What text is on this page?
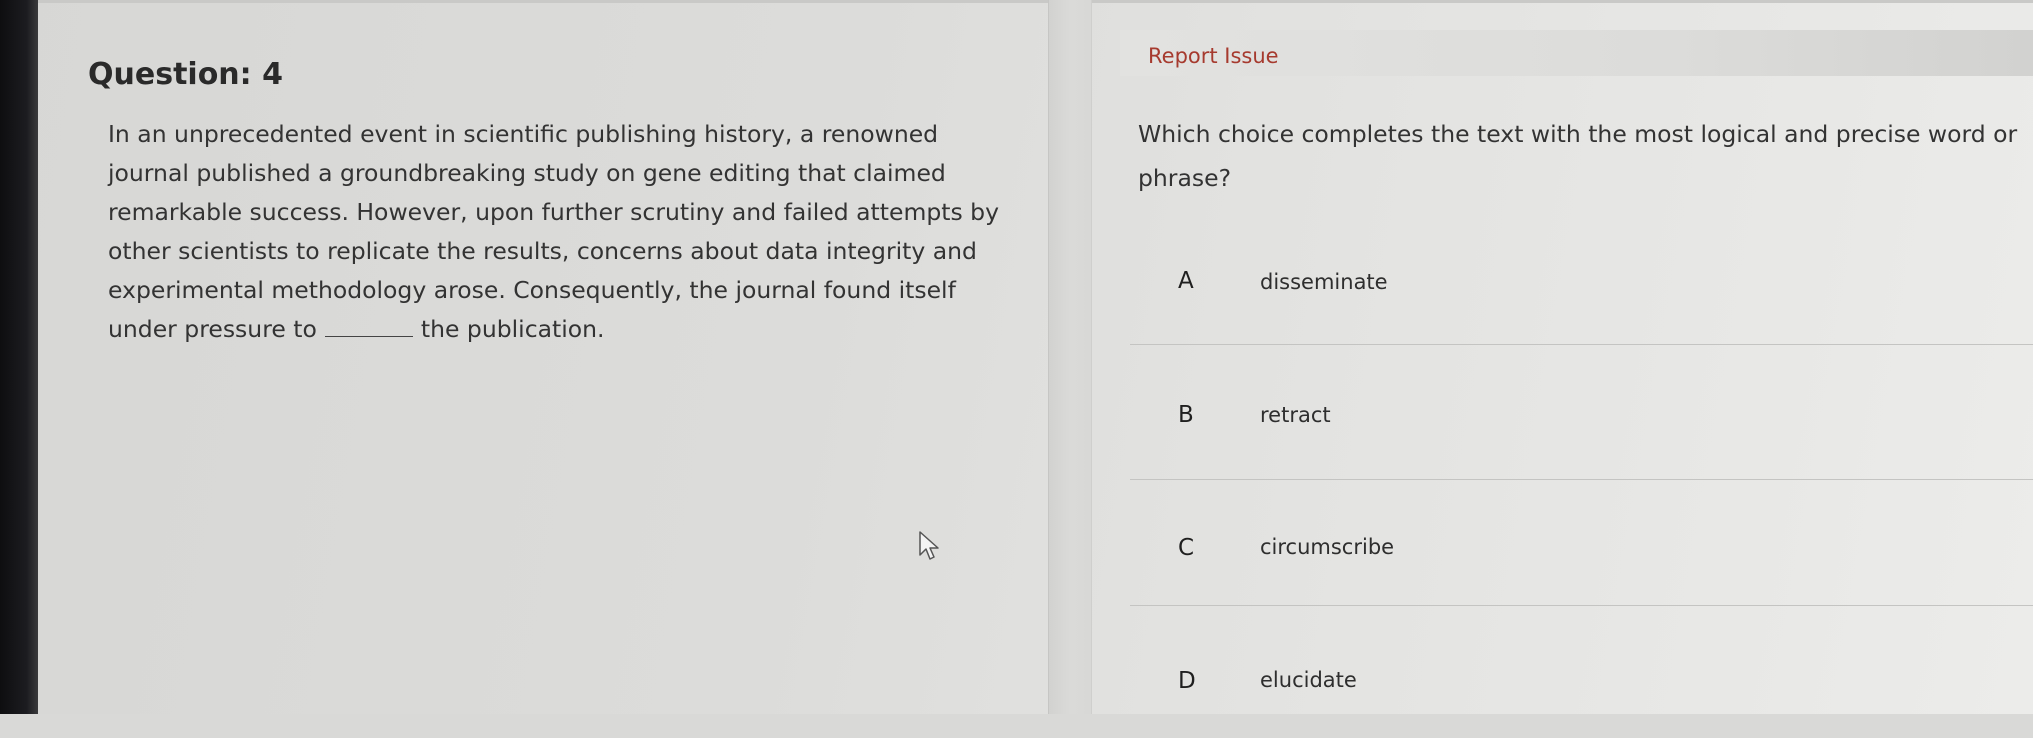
Question: 4
In an unprecedented event in scientific publishing history, a renowned
journal published a groundbreaking study on gene editing that claimed
remarkable success. However, upon further scrutiny and failed attempts by
other scientists to replicate the results, concerns about data integrity and
experimental methodology arose. Consequently, the journal found itself
under pressure to	the publication.
Report Issue
Which choice completes the text with the most logical and precise word or
phrase?
A	disseminate
B	retract
C	circumscribe
D	elucidate
